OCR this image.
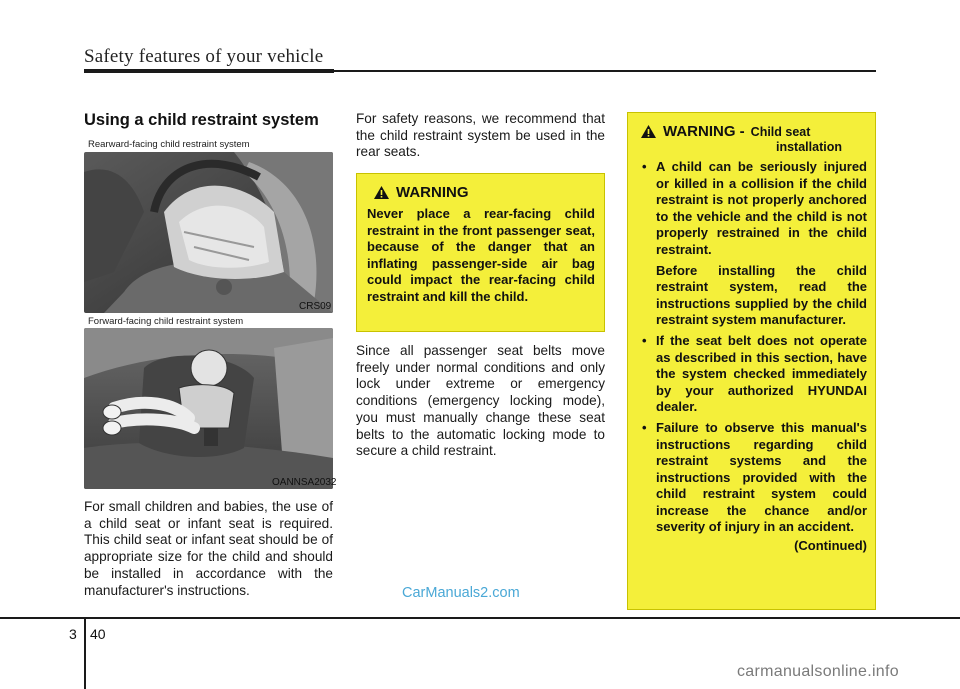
Safety features of your vehicle
Using a child restraint system
Rearward-facing child restraint system
CRS09
Forward-facing child restraint system
OANNSA2032
For small children and babies, the use of a child seat or infant seat is required. This child seat or infant seat should be of appropriate size for the child and should be installed in accordance with the manufacturer's instructions.
For safety reasons, we recommend that the child restraint system be used in the rear seats.
WARNING
Never place a rear-facing child restraint in the front passenger seat, because of the danger that an inflating passenger-side air bag could impact the rear-facing child restraint and kill the child.
Since all passenger seat belts move freely under normal conditions and only lock under extreme or emergency conditions (emergency locking mode), you must manually change these seat belts to the automatic locking mode to secure a child restraint.
WARNING - Child seat
installation
• A child can be seriously injured or killed in a collision if the child restraint is not properly anchored to the vehicle and the child is not properly restrained in the child restraint.
Before installing the child restraint system, read the instructions supplied by the child restraint system manufacturer.
• If the seat belt does not operate as described in this section, have the system checked immediately by your authorized HYUNDAI dealer.
• Failure to observe this manual's instructions regarding child restraint systems and the instructions provided with the child restraint system could increase the chance and/or severity of injury in an accident.
(Continued)
CarManuals2.com
3 40
carmanualsonline.info
